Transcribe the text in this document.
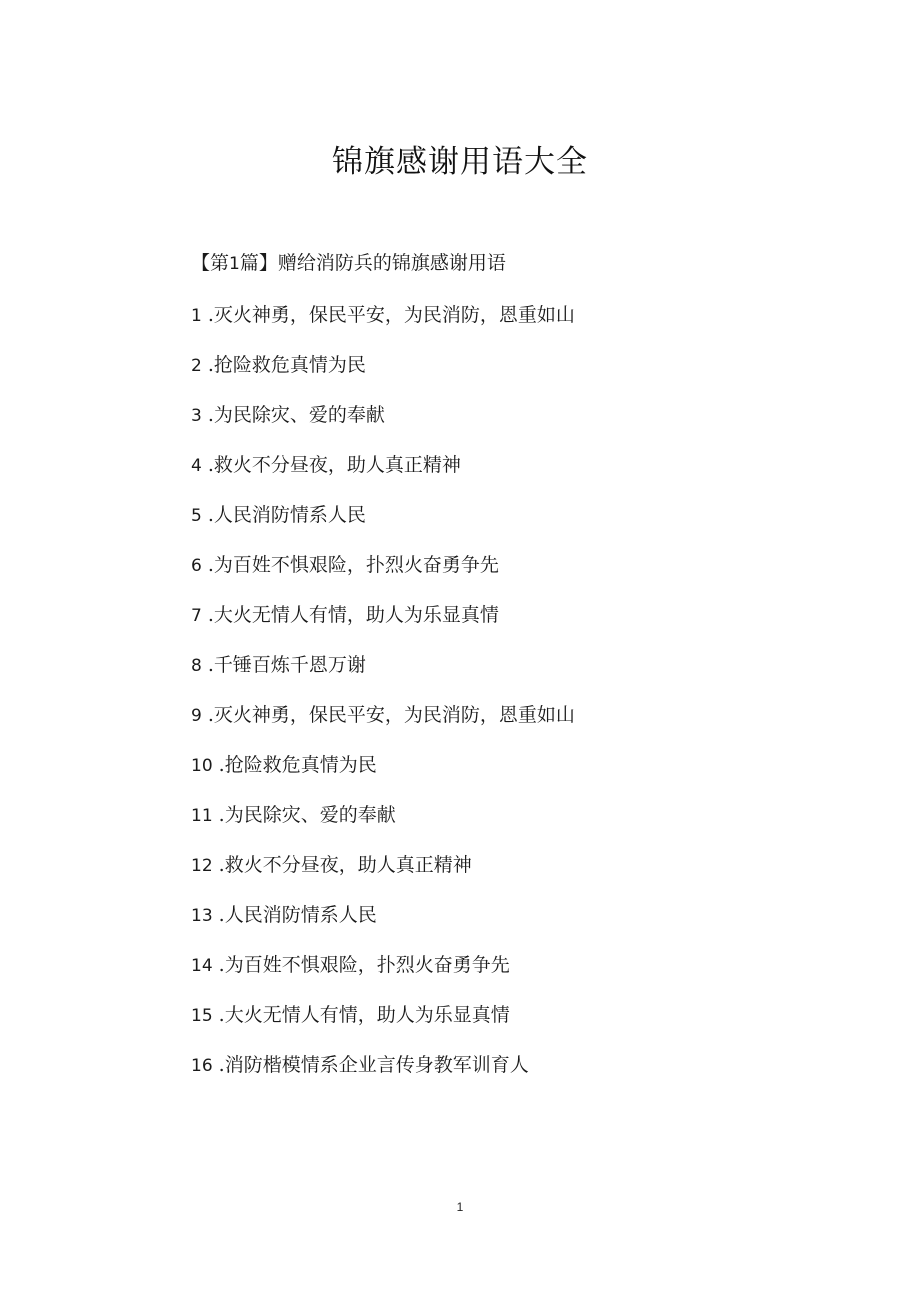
锦旗感谢用语大全
【第1篇】赠给消防兵的锦旗感谢用语
1 .灭火神勇，保民平安，为民消防，恩重如山
2 .抢险救危真情为民
3 .为民除灾、爱的奉献
4 .救火不分昼夜，助人真正精神
5 .人民消防情系人民
6 .为百姓不惧艰险，扑烈火奋勇争先
7 .大火无情人有情，助人为乐显真情
8 .千锤百炼千恩万谢
9 .灭火神勇，保民平安，为民消防，恩重如山
10 .抢险救危真情为民
11 .为民除灾、爱的奉献
12 .救火不分昼夜，助人真正精神
13 .人民消防情系人民
14 .为百姓不惧艰险，扑烈火奋勇争先
15 .大火无情人有情，助人为乐显真情
16 .消防楷模情系企业言传身教军训育人
1
